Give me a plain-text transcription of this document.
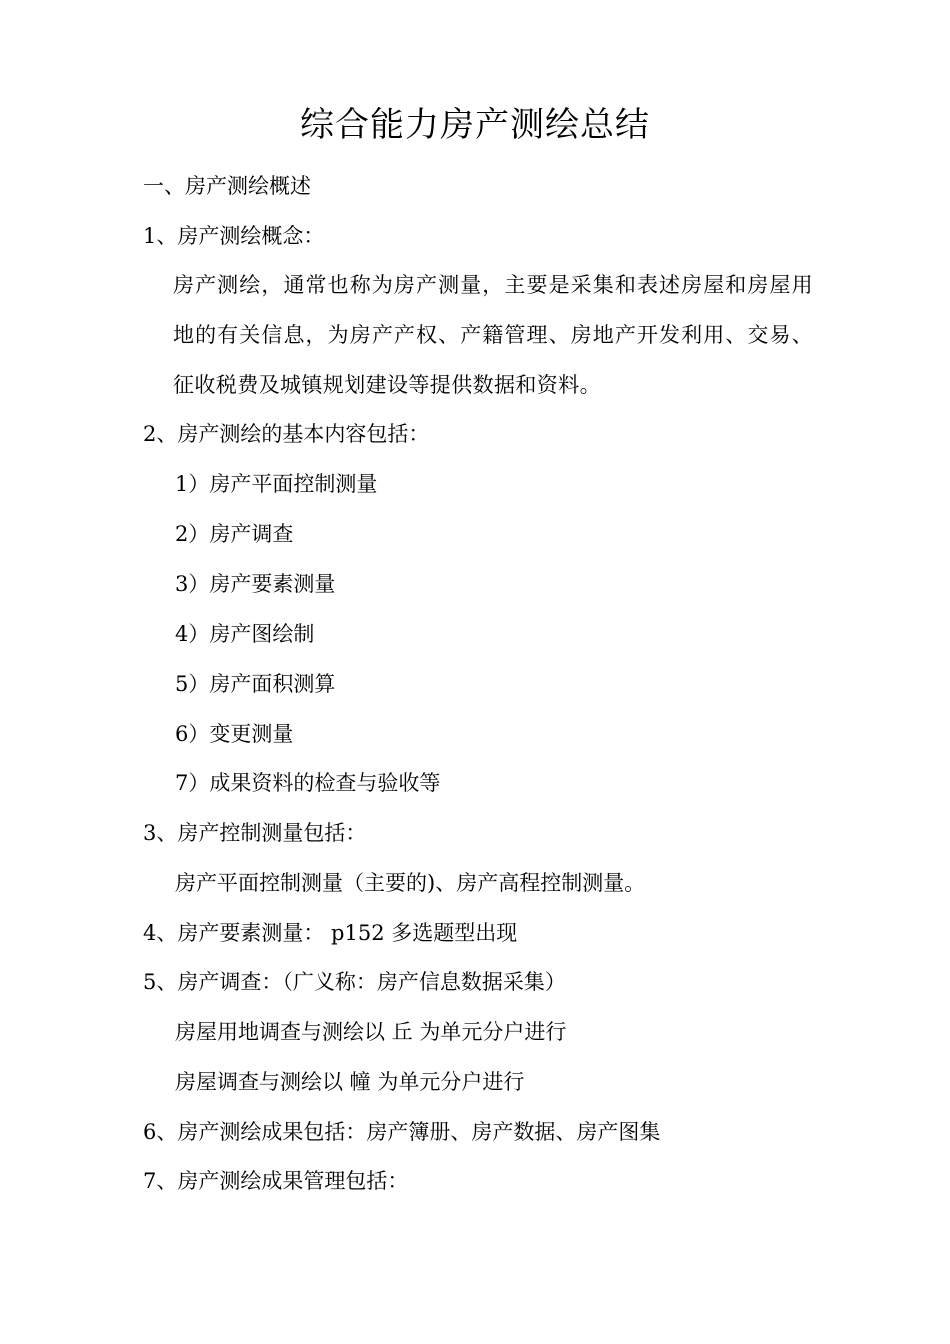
综合能力房产测绘总结
一、房产测绘概述
1、房产测绘概念：
房产测绘，通常也称为房产测量，主要是采集和表述房屋和房屋用地的有关信息，为房产产权、产籍管理、房地产开发利用、交易、征收税费及城镇规划建设等提供数据和资料。
2、房产测绘的基本内容包括：
1）房产平面控制测量
2）房产调查
3）房产要素测量
4）房产图绘制
5）房产面积测算
6）变更测量
7）成果资料的检查与验收等
3、房产控制测量包括：
房产平面控制测量（主要的)、房产高程控制测量。
4、房产要素测量： p152 多选题型出现
5、房产调查：（广义称：房产信息数据采集）
房屋用地调查与测绘以 丘 为单元分户进行
房屋调查与测绘以 幢 为单元分户进行
6、房产测绘成果包括：房产簿册、房产数据、房产图集
7、房产测绘成果管理包括：
